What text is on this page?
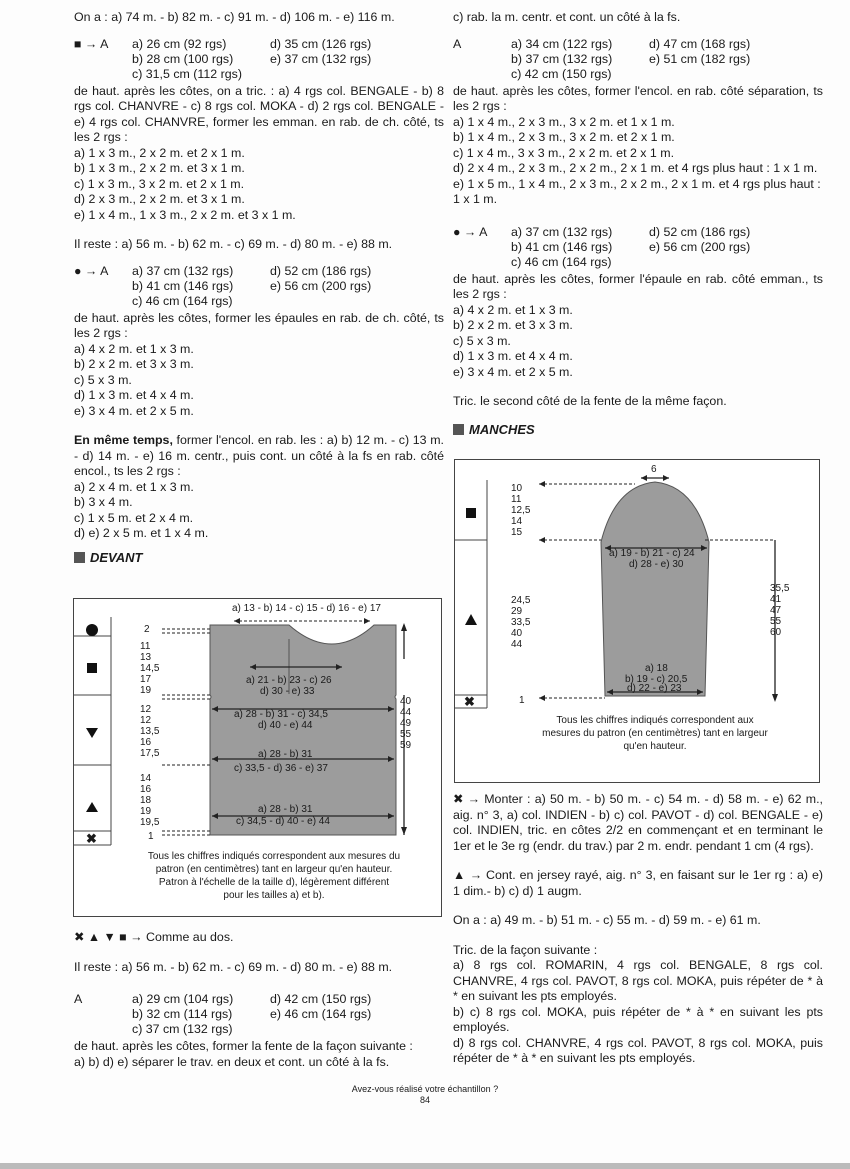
On a : a) 74 m. - b) 82 m. - c) 91 m. - d) 106 m. - e) 116 m.

■ → A a) 26 cm (92 rgs)
b) 28 cm (100 rgs)
c) 31,5 cm (112 rgs)
d) 35 cm (126 rgs)
e) 37 cm (132 rgs)

de haut. après les côtes, on a tric. : a) 4 rgs col. BENGALE - b) 8 rgs col. CHANVRE - c) 8 rgs col. MOKA - d) 2 rgs col. BENGALE - e) 4 rgs col. CHANVRE, former les emman. en rab. de ch. côté, ts les 2 rgs :

a) 1 x 3 m., 2 x 2 m. et 2 x 1 m.
b) 1 x 3 m., 2 x 2 m. et 3 x 1 m.
c) 1 x 3 m., 3 x 2 m. et 2 x 1 m.
d) 2 x 3 m., 2 x 2 m. et 3 x 1 m.
e) 1 x 4 m., 1 x 3 m., 2 x 2 m. et 3 x 1 m.

Il reste : a) 56 m. - b) 62 m. - c) 69 m. - d) 80 m. - e) 88 m.

● → A a) 37 cm (132 rgs)
b) 41 cm (146 rgs)
c) 46 cm (164 rgs)
d) 52 cm (186 rgs)
e) 56 cm (200 rgs)

de haut. après les côtes, former les épaules en rab. de ch. côté, ts les 2 rgs :

a) 4 x 2 m. et 1 x 3 m.
b) 2 x 2 m. et 3 x 3 m.
c) 5 x 3 m.
d) 1 x 3 m. et 4 x 4 m.
e) 3 x 4 m. et 2 x 5 m.

En même temps, former l'encol. en rab. les : a) b) 12 m. - c) 13 m. - d) 14 m. - e) 16 m. centr., puis cont. un côté à la fs en rab. côté encol., ts les 2 rgs :

a) 2 x 4 m. et 1 x 3 m.
b) 3 x 4 m.
c) 1 x 5 m. et 2 x 4 m.
d) e) 2 x 5 m. et 1 x 4 m.
DEVANT
✖
a) 13 - b) 14 - c) 15 - d) 16 - e) 17
2
11
13
14,5
17
19
12
12
13,5
16
17,5
14
16
18
19
19,5
1
40
44
49
55
59
a) 21 - b) 23 - c) 26
d) 30 - e) 33
a) 28 - b) 31 - c) 34,5
d) 40 - e) 44
a) 28 - b) 31
c) 33,5 - d) 36 - e) 37
a) 28 - b) 31
c) 34,5 - d) 40 - e) 44
Tous les chiffres indiqués correspondent aux mesures du
patron (en centimètres) tant en largeur qu'en hauteur.
Patron à l'échelle de la taille d), légèrement différent
pour les tailles a) et b).

✖ ▲ ▼ ■ → Comme au dos.

Il reste : a) 56 m. - b) 62 m. - c) 69 m. - d) 80 m. - e) 88 m.

A	a) 29 cm (104 rgs)
b) 32 cm (114 rgs)
c) 37 cm (132 rgs)
d) 42 cm (150 rgs)
e) 46 cm (164 rgs)

de haut. après les côtes, former la fente de la façon suivante :

a) b) d) e) séparer le trav. en deux et cont. un côté à la fs.

c) rab. la m. centr. et cont. un côté à la fs.

A	a) 34 cm (122 rgs)
b) 37 cm (132 rgs)
c) 42 cm (150 rgs)
d) 47 cm (168 rgs)
e) 51 cm (182 rgs)

de haut. après les côtes, former l'encol. en rab. côté séparation, ts les 2 rgs :

a) 1 x 4 m., 2 x 3 m., 3 x 2 m. et 1 x 1 m.
b) 1 x 4 m., 2 x 3 m., 3 x 2 m. et 2 x 1 m.
c) 1 x 4 m., 3 x 3 m., 2 x 2 m. et 2 x 1 m.
d) 2 x 4 m., 2 x 3 m., 2 x 2 m., 2 x 1 m. et 4 rgs plus haut : 1 x 1 m.
e) 1 x 5 m., 1 x 4 m., 2 x 3 m., 2 x 2 m., 2 x 1 m. et 4 rgs plus haut : 1 x 1 m.
● → A a) 37 cm (132 rgs)
b) 41 cm (146 rgs)
c) 46 cm (164 rgs)
d) 52 cm (186 rgs)
e) 56 cm (200 rgs)

de haut. après les côtes, former l'épaule en rab. côté emman., ts les 2 rgs :

a) 4 x 2 m. et 1 x 3 m.
b) 2 x 2 m. et 3 x 3 m.
c) 5 x 3 m.
d) 1 x 3 m. et 4 x 4 m.
e) 3 x 4 m. et 2 x 5 m.

Tric. le second côté de la fente de la même façon.

MANCHES
✖
6
10
11
12,5
14
15
24,5
29
33,5
40
44
1
35,5
41
47
55
60
a) 19 - b) 21 - c) 24
d) 28 - e) 30
a) 18
b) 19 - c) 20,5
d) 22 - e) 23
Tous les chiffres indiqués correspondent aux
mesures du patron (en centimètres) tant en largeur
qu'en hauteur.

✖ → Monter : a) 50 m. - b) 50 m. - c) 54 m. - d) 58 m. - e) 62 m., aig. n° 3, a) col. INDIEN - b) c) col. PAVOT - d) col. BENGALE - e) col. INDIEN, tric. en côtes 2/2 en commençant et en terminant le 1er et le 3e rg (endr. du trav.) par 2 m. endr. pendant 1 cm (4 rgs).

▲ → Cont. en jersey rayé, aig. n° 3, en faisant sur le 1er rg : a) e) 1 dim.- b) c) d) 1 augm.

On a : a) 49 m. - b) 51 m. - c) 55 m. - d) 59 m. - e) 61 m.

Tric. de la façon suivante :

a) 8 rgs col. ROMARIN, 4 rgs col. BENGALE, 8 rgs col. CHANVRE, 4 rgs col. PAVOT, 8 rgs col. MOKA, puis répéter de * à * en suivant les pts employés.

b) c) 8 rgs col. MOKA, puis répéter de * à * en suivant les pts employés.

d) 8 rgs col. CHANVRE, 4 rgs col. PAVOT, 8 rgs col. MOKA, puis répéter de * à * en suivant les pts employés.

Avez-vous réalisé votre échantillon ?
84
